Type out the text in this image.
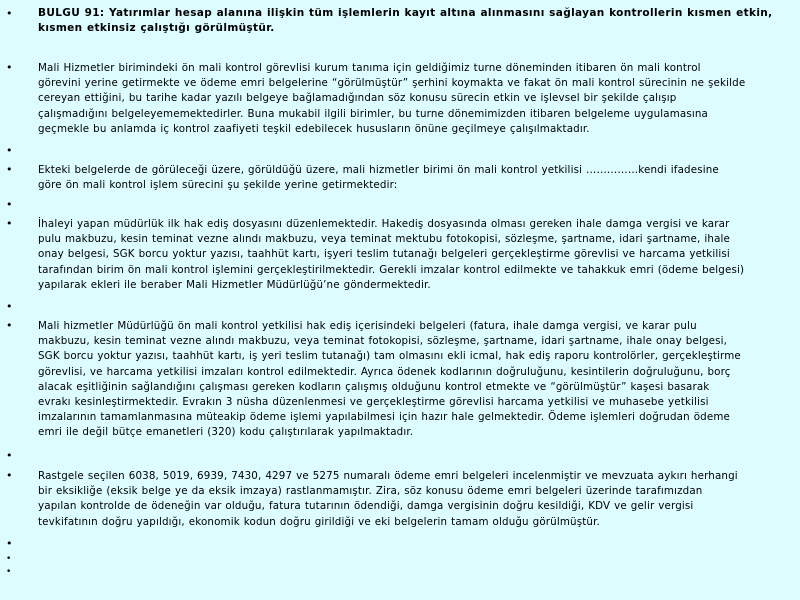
• BULGU 91: Yatırımlar hesap alanına ilişkin tüm işlemlerin kayıt altına alınmasını sağlayan kontrollerin kısmen etkin,

kısmen etkinsiz çalıştığı görülmüştür.

• Mali Hizmetler birimindeki ön mali kontrol görevlisi kurum tanıma için geldiğimiz turne döneminden itibaren ön mali kontrol

görevini yerine getirmekte ve ödeme emri belgelerine “görülmüştür” şerhini koymakta ve fakat ön mali kontrol sürecinin ne şekilde

cereyan ettiğini, bu tarihe kadar yazılı belgeye bağlamadığından söz konusu sürecin etkin ve işlevsel bir şekilde çalışıp

çalışmadığını belgeleyememektedirler. Buna mukabil ilgili birimler, bu turne dönemimizden itibaren belgeleme uygulamasına

geçmekle bu anlamda iç kontrol zaafiyeti teşkil edebilecek hususların önüne geçilmeye çalışılmaktadır.

•
• Ekteki belgelerde de görüleceği üzere, görüldüğü üzere, mali hizmetler birimi ön mali kontrol yetkilisi ……………kendi ifadesine

göre ön mali kontrol işlem sürecini şu şekilde yerine getirmektedir:

•
• İhaleyi yapan müdürlük ilk hak ediş dosyasını düzenlemektedir. Hakediş dosyasında olması gereken ihale damga vergisi ve karar

pulu makbuzu, kesin teminat vezne alındı makbuzu, veya teminat mektubu fotokopisi, sözleşme, şartname, idari şartname, ihale

onay belgesi, SGK borcu yoktur yazısı, taahhüt kartı, işyeri teslim tutanağı belgeleri gerçekleştirme görevlisi ve harcama yetkilisi

tarafından birim ön mali kontrol işlemini gerçekleştirilmektedir. Gerekli imzalar kontrol edilmekte ve tahakkuk emri (ödeme belgesi)

yapılarak ekleri ile beraber Mali Hizmetler Müdürlüğü’ne göndermektedir.

•
• Mali hizmetler Müdürlüğü ön mali kontrol yetkilisi hak ediş içerisindeki belgeleri (fatura, ihale damga vergisi, ve karar pulu

makbuzu, kesin teminat vezne alındı makbuzu, veya teminat fotokopisi, sözleşme, şartname, idari şartname, ihale onay belgesi,

SGK borcu yoktur yazısı, taahhüt kartı, iş yeri teslim tutanağı) tam olmasını ekli icmal, hak ediş raporu kontrolörler, gerçekleştirme

görevlisi, ve harcama yetkilisi imzaları kontrol edilmektedir. Ayrıca ödenek kodlarının doğruluğunu, kesintilerin doğruluğunu, borç

alacak eşitliğinin sağlandığını çalışması gereken kodların çalışmış olduğunu kontrol etmekte ve “görülmüştür” kaşesi basarak

evrakı kesinleştirmektedir. Evrakın 3 nüsha düzenlenmesi ve gerçekleştirme görevlisi harcama yetkilisi ve muhasebe yetkilisi

imzalarının tamamlanmasına müteakip ödeme işlemi yapılabilmesi için hazır hale gelmektedir. Ödeme işlemleri doğrudan ödeme

emri ile değil bütçe emanetleri (320) kodu çalıştırılarak yapılmaktadır.

•
• Rastgele seçilen 6038, 5019, 6939, 7430, 4297 ve 5275 numaralı ödeme emri belgeleri incelenmiştir ve mevzuata aykırı herhangi

bir eksikliğe (eksik belge ye da eksik imzaya) rastlanmamıştır. Zira, söz konusu ödeme emri belgeleri üzerinde tarafımızdan

yapılan kontrolde de ödeneğin var olduğu, fatura tutarının ödendiği, damga vergisinin doğru kesildiği, KDV ve gelir vergisi

tevkifatının doğru yapıldığı, ekonomik kodun doğru girildiği ve eki belgelerin tamam olduğu görülmüştür.

•
•
•
